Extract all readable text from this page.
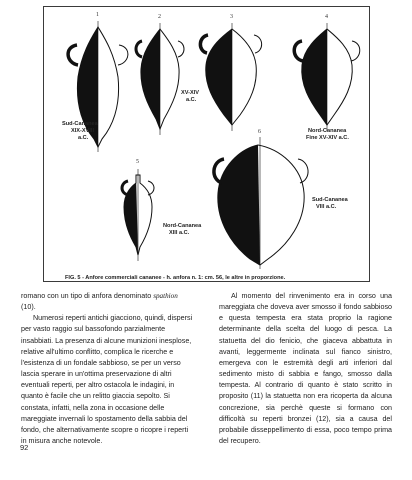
1	2	3	4
5
6
Sud-Cananea
XIX-XVIII
a.C.
XV-XIV
a.C.
Nord-Cananea
Fine XV-XIV a.C.
Nord-Cananea
XIII a.C.
Sud-Cananea
VIII a.C.
FIG. 5 - Anfore commerciali cananee - h. anfora n. 1: cm. 56, le altre in proporzione.

romano con un tipo di anfora denominato spathion (10).

Numerosi reperti antichi giacciono, quindi, dispersi per vasto raggio sul bassofondo parzialmente insabbiati. La presenza di alcune munizioni inesplose, relative all'ultimo conflitto, complica le ricerche e l'esistenza di un fondale sabbioso, se per un verso lascia sperare in un'ottima preservazione di altri eventuali reperti, per altro ostacola le indagini, in quanto è facile che un relitto giaccia sepolto. Si constata, infatti, nella zona in occasione delle mareggiate invernali lo spostamento della sabbia del fondo, che alternativamente scopre o ricopre i reperti in misura anche notevole.

Al momento del rinvenimento era in corso una mareggiata che doveva aver smosso il fondo sabbioso e questa tempesta era stata proprio la ragione determinante della scelta del luogo di pesca. La statuetta del dio fenicio, che giaceva abbattuta in avanti, leggermente inclinata sul fianco sinistro, emergeva con le estremità degli arti inferiori dal sedimento misto di sabbia e fango, smosso dalla tempesta. Al contrario di quanto è stato scritto in proposito (11) la statuetta non era ricoperta da alcuna concrezione, sia perchè queste si formano con difficoltà su reperti bronzei (12), sia a causa del probabile disseppellimento di essa, poco tempo prima del recupero.

92
